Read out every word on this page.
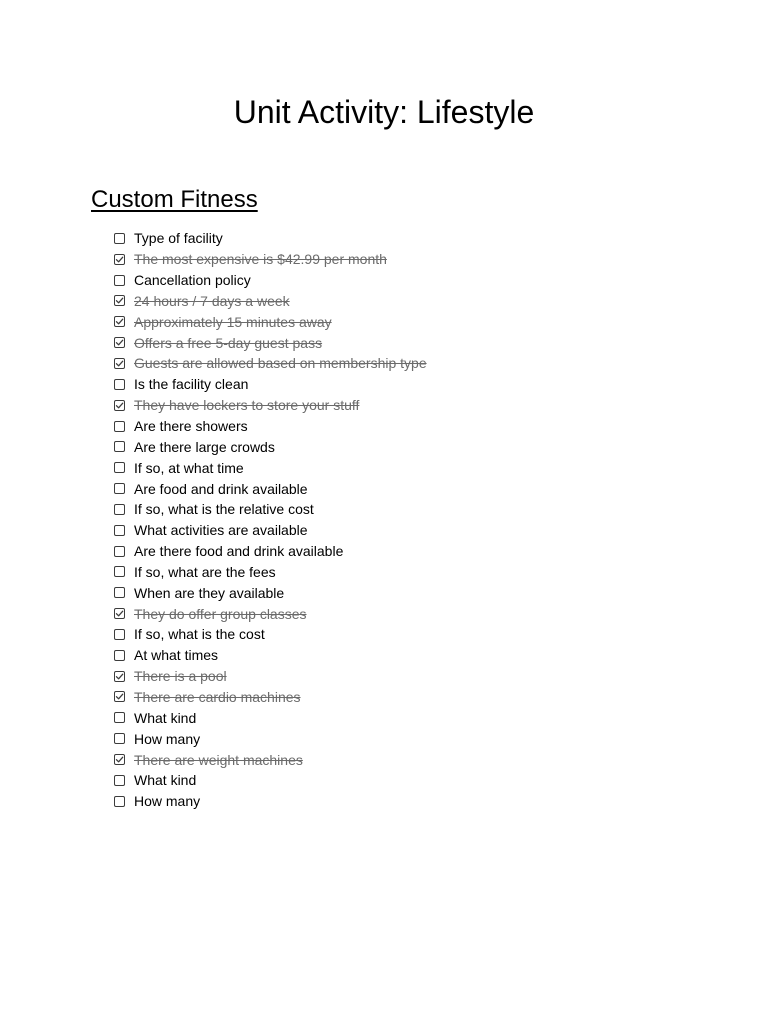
Unit Activity: Lifestyle
Custom Fitness
Type of facility
The most expensive is $42.99 per month
Cancellation policy
24 hours / 7 days a week
Approximately 15 minutes away
Offers a free 5-day guest pass
Guests are allowed based on membership type
Is the facility clean
They have lockers to store your stuff
Are there showers
Are there large crowds
If so, at what time
Are food and drink available
If so, what is the relative cost
What activities are available
Are there food and drink available
If so, what are the fees
When are they available
They do offer group classes
If so, what is the cost
At what times
There is a pool
There are cardio machines
What kind
How many
There are weight machines
What kind
How many
